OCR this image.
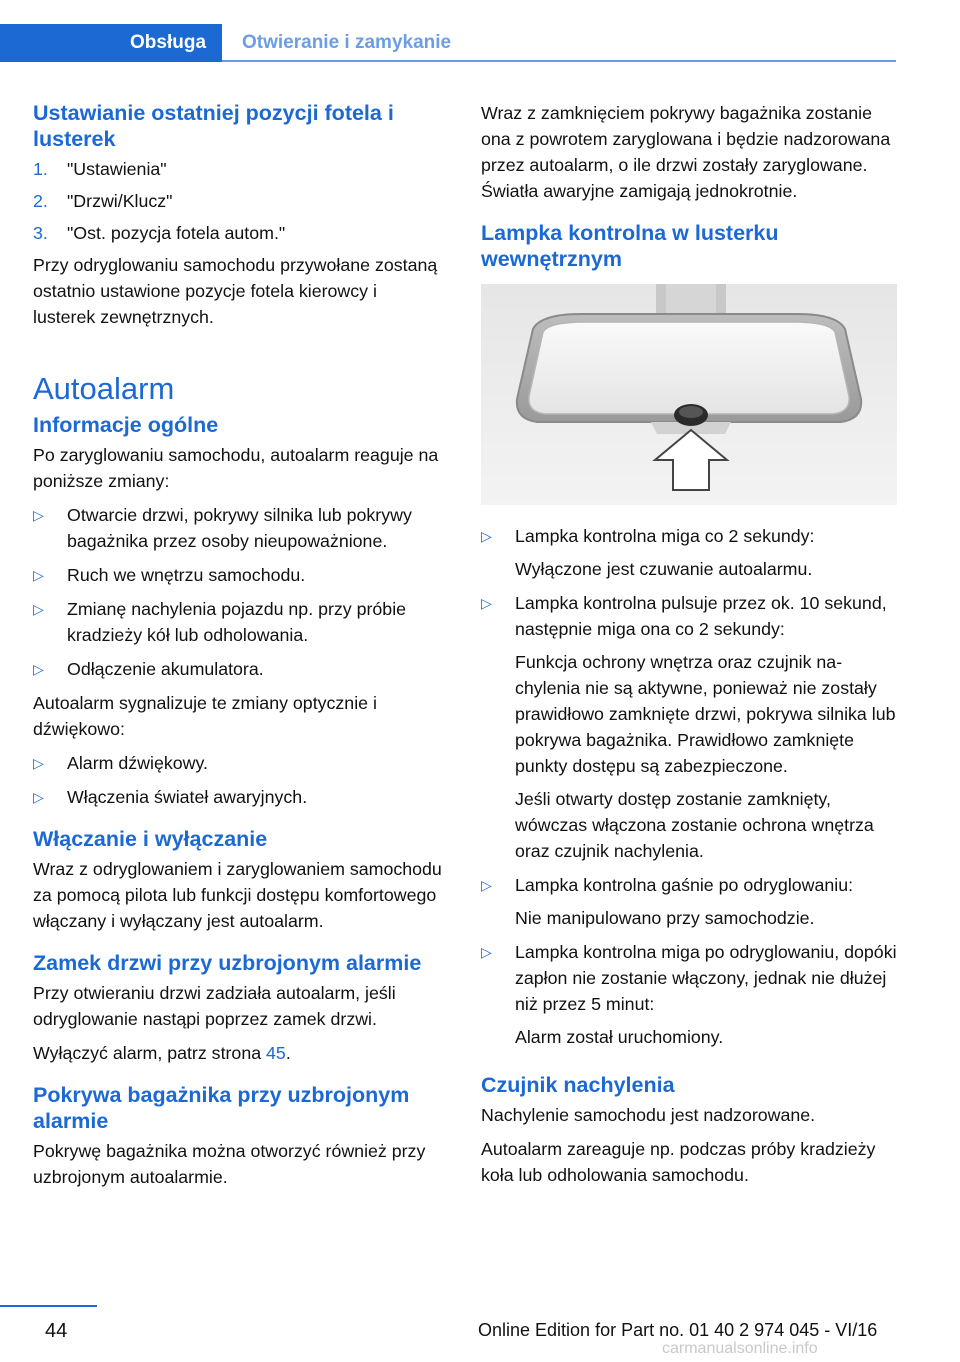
Obsługa Otwieranie i zamykanie
Ustawianie ostatniej pozycji fotela i lusterek
1. "Ustawienia"
2. "Drzwi/Klucz"
3. "Ost. pozycja fotela autom."

Przy odryglowaniu samochodu przywołane zostaną ostatnio ustawione pozycje fotela kierowcy i lusterek zewnętrznych.

Autoalarm
Informacje ogólne

Po zaryglowaniu samochodu, autoalarm reaguje na poniższe zmiany:

▷ Otwarcie drzwi, pokrywy silnika lub pokrywy bagażnika przez osoby nieupoważnione.
▷ Ruch we wnętrzu samochodu.
▷ Zmianę nachylenia pojazdu np. przy próbie kradzieży kół lub odholowania.
▷ Odłączenie akumulatora.

Autoalarm sygnalizuje te zmiany optycznie i dźwiękowo:

▷ Alarm dźwiękowy.
▷ Włączenia świateł awaryjnych.
Włączanie i wyłączanie

Wraz z odryglowaniem i zaryglowaniem samochodu za pomocą pilota lub funkcji dostępu komfortowego włączany i wyłączany jest autoalarm.

Zamek drzwi przy uzbrojonym alarmie

Przy otwieraniu drzwi zadziała autoalarm, jeśli odryglowanie nastąpi poprzez zamek drzwi.

Wyłączyć alarm, patrz strona 45.

Pokrywa bagażnika przy uzbrojonym alarmie

Pokrywę bagażnika można otworzyć również przy uzbrojonym autoalarmie.

Wraz z zamknięciem pokrywy bagażnika zostanie ona z powrotem zaryglowana i będzie nadzorowana przez autoalarm, o ile drzwi zostały zaryglowane. Światła awaryjne zamigają jednokrotnie.

Lampka kontrolna w lusterku wewnętrznym
▷ Lampka kontrolna miga co 2 sekundy:
Wyłączone jest czuwanie autoalarmu.
▷ Lampka kontrolna pulsuje przez ok. 10 sekund, następnie miga ona co 2 sekundy:
Funkcja ochrony wnętrza oraz czujnik nachylenia nie są aktywne, ponieważ nie zostały prawidłowo zamknięte drzwi, pokrywa silnika lub pokrywa bagażnika. Prawidłowo zamknięte punkty dostępu są zabezpieczone.
Jeśli otwarty dostęp zostanie zamknięty, wówczas włączona zostanie ochrona wnętrza oraz czujnik nachylenia.
▷ Lampka kontrolna gaśnie po odryglowaniu:
Nie manipulowano przy samochodzie.
▷ Lampka kontrolna miga po odryglowaniu, dopóki zapłon nie zostanie włączony, jednak nie dłużej niż przez 5 minut:
Alarm został uruchomiony.
Czujnik nachylenia

Nachylenie samochodu jest nadzorowane.

Autoalarm zareaguje np. podczas próby kradzieży koła lub odholowania samochodu.

44	Online Edition for Part no. 01 40 2 974 045 - VI/16
carmanualsonline.info
